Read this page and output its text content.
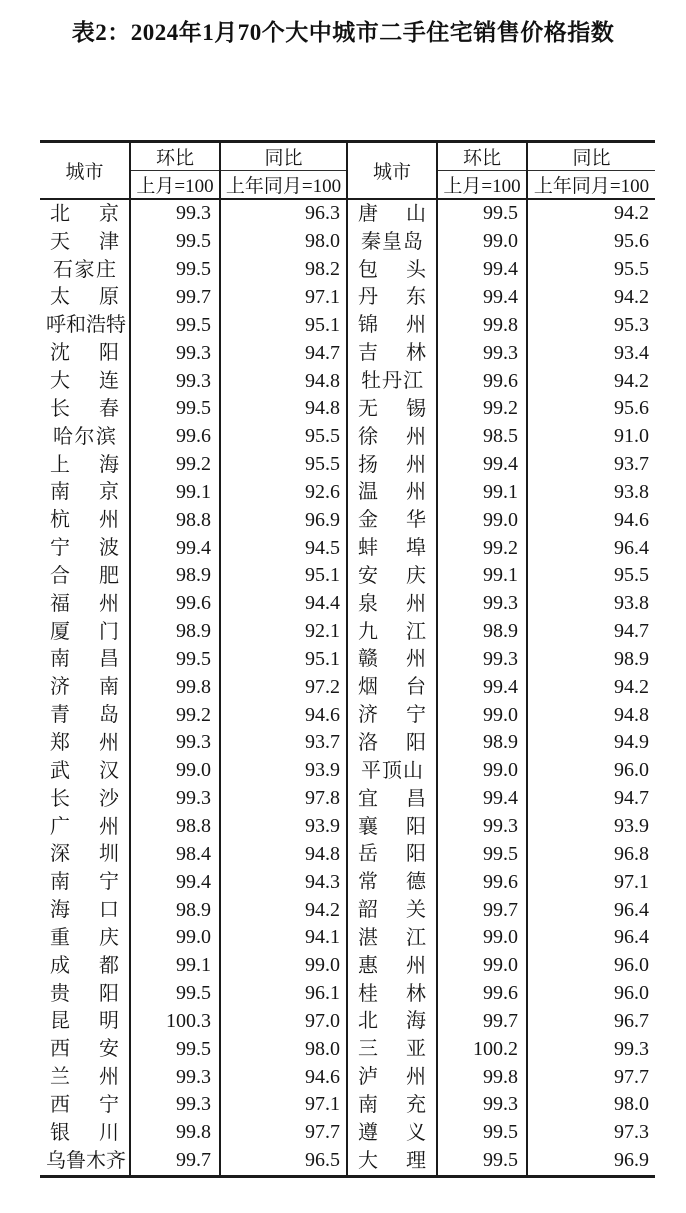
表2：2024年1月70个大中城市二手住宅销售价格指数
城市	环比	同比	城市	环比	同比
	上月=100	上年同月=100		上月=100	上年同月=100

北 京	99.3	96.3	唐 山	99.5	94.2

天 津	99.5	98.0	秦 皇 岛	99.0	95.6

石 家 庄	99.5	98.2	包 头	99.4	95.5

太 原	99.7	97.1	丹 东	99.4	94.2

呼 和 浩 特	99.5	95.1	锦 州	99.8	95.3

沈 阳	99.3	94.7	吉 林	99.3	93.4

大 连	99.3	94.8	牡 丹 江	99.6	94.2

长 春	99.5	94.8	无 锡	99.2	95.6

哈 尔 滨	99.6	95.5	徐 州	98.5	91.0

上 海	99.2	95.5	扬 州	99.4	93.7

南 京	99.1	92.6	温 州	99.1	93.8

杭 州	98.8	96.9	金 华	99.0	94.6

宁 波	99.4	94.5	蚌 埠	99.2	96.4

合 肥	98.9	95.1	安 庆	99.1	95.5

福 州	99.6	94.4	泉 州	99.3	93.8

厦 门	98.9	92.1	九 江	98.9	94.7

南 昌	99.5	95.1	赣 州	99.3	98.9

济 南	99.8	97.2	烟 台	99.4	94.2

青 岛	99.2	94.6	济 宁	99.0	94.8

郑 州	99.3	93.7	洛 阳	98.9	94.9

武 汉	99.0	93.9	平 顶 山	99.0	96.0

长 沙	99.3	97.8	宜 昌	99.4	94.7

广 州	98.8	93.9	襄 阳	99.3	93.9

深 圳	98.4	94.8	岳 阳	99.5	96.8

南 宁	99.4	94.3	常 德	99.6	97.1

海 口	98.9	94.2	韶 关	99.7	96.4

重 庆	99.0	94.1	湛 江	99.0	96.4

成 都	99.1	99.0	惠 州	99.0	96.0

贵 阳	99.5	96.1	桂 林	99.6	96.0

昆 明	100.3	97.0	北 海	99.7	96.7

西 安	99.5	98.0	三 亚	100.2	99.3

兰 州	99.3	94.6	泸 州	99.8	97.7

西 宁	99.3	97.1	南 充	99.3	98.0

银 川	99.8	97.7	遵 义	99.5	97.3

乌 鲁 木 齐	99.7	96.5	大 理	99.5	96.9
